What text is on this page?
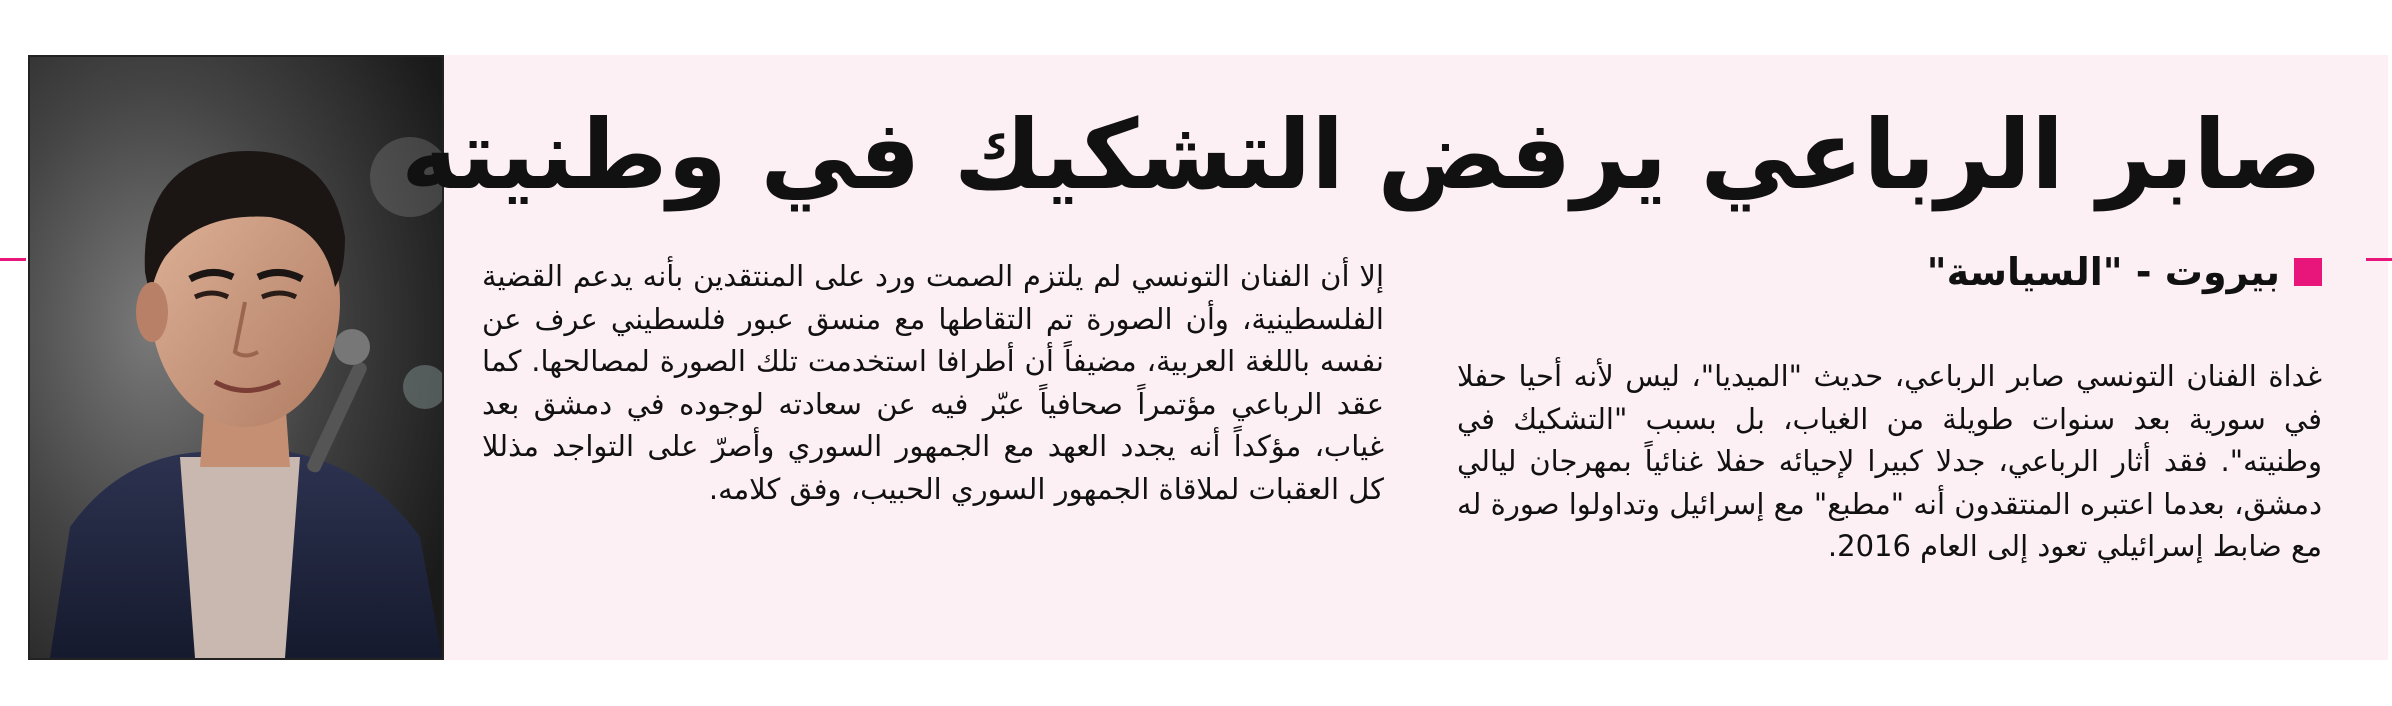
صابر الرباعي يرفض التشكيك في وطنيته
بيروت - "السياسة"

غداة الفنان التونسي صابر الرباعي، حديث "الميديا"، ليس لأنه أحيا حفلا في سورية بعد سنوات طويلة من الغياب، بل بسبب "التشكيك في وطنيته". فقد أثار الرباعي، جدلا كبيرا لإحيائه حفلا غنائياً بمهرجان ليالي دمشق، بعدما اعتبره المنتقدون أنه "مطبع" مع إسرائيل وتداولوا صورة له مع ضابط إسرائيلي تعود إلى العام 2016.

إلا أن الفنان التونسي لم يلتزم الصمت ورد على المنتقدين بأنه يدعم القضية الفلسطينية، وأن الصورة تم التقاطها مع منسق عبور فلسطيني عرف عن نفسه باللغة العربية، مضيفاً أن أطرافا استخدمت تلك الصورة لمصالحها. كما عقد الرباعي مؤتمراً صحافياً عبّر فيه عن سعادته لوجوده في دمشق بعد غياب، مؤكداً أنه يجدد العهد مع الجمهور السوري وأصرّ على التواجد مذللا كل العقبات لملاقاة الجمهور السوري الحبيب، وفق كلامه.
